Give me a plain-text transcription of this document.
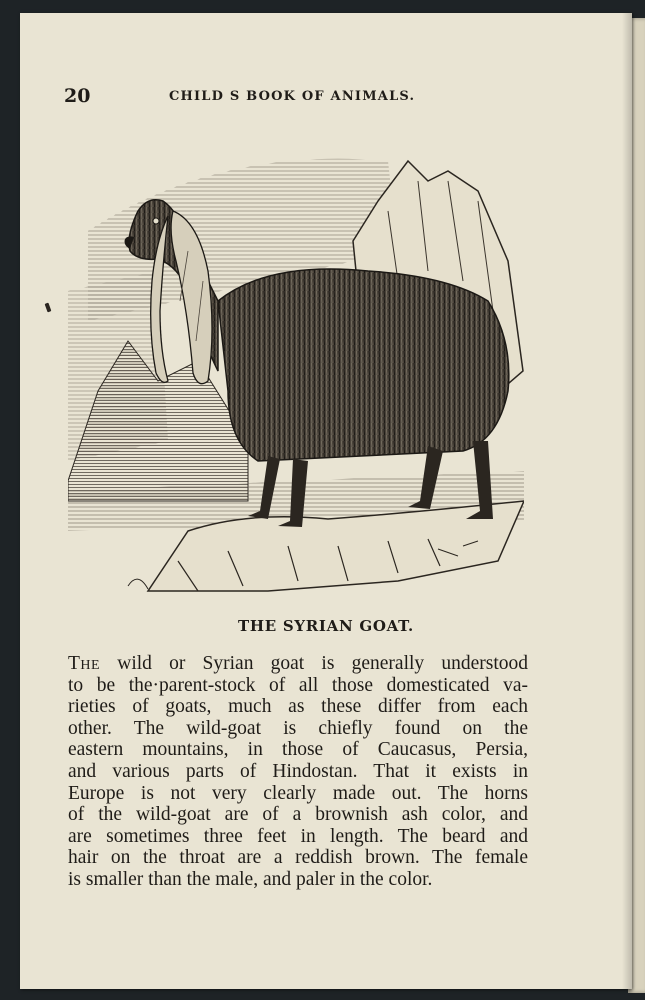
20	CHILD S BOOK OF ANIMALS.
THE SYRIAN GOAT.
The wild or Syrian goat is generally understood
to be the·parent-stock of all those domesticated va-
rieties of goats, much as these differ from each
other. The wild-goat is chiefly found on the
eastern mountains, in those of Caucasus, Persia,
and various parts of Hindostan. That it exists in
Europe is not very clearly made out. The horns
of the wild-goat are of a brownish ash color, and
are sometimes three feet in length. The beard and
hair on the throat are a reddish brown. The female
is smaller than the male, and paler in the color.
